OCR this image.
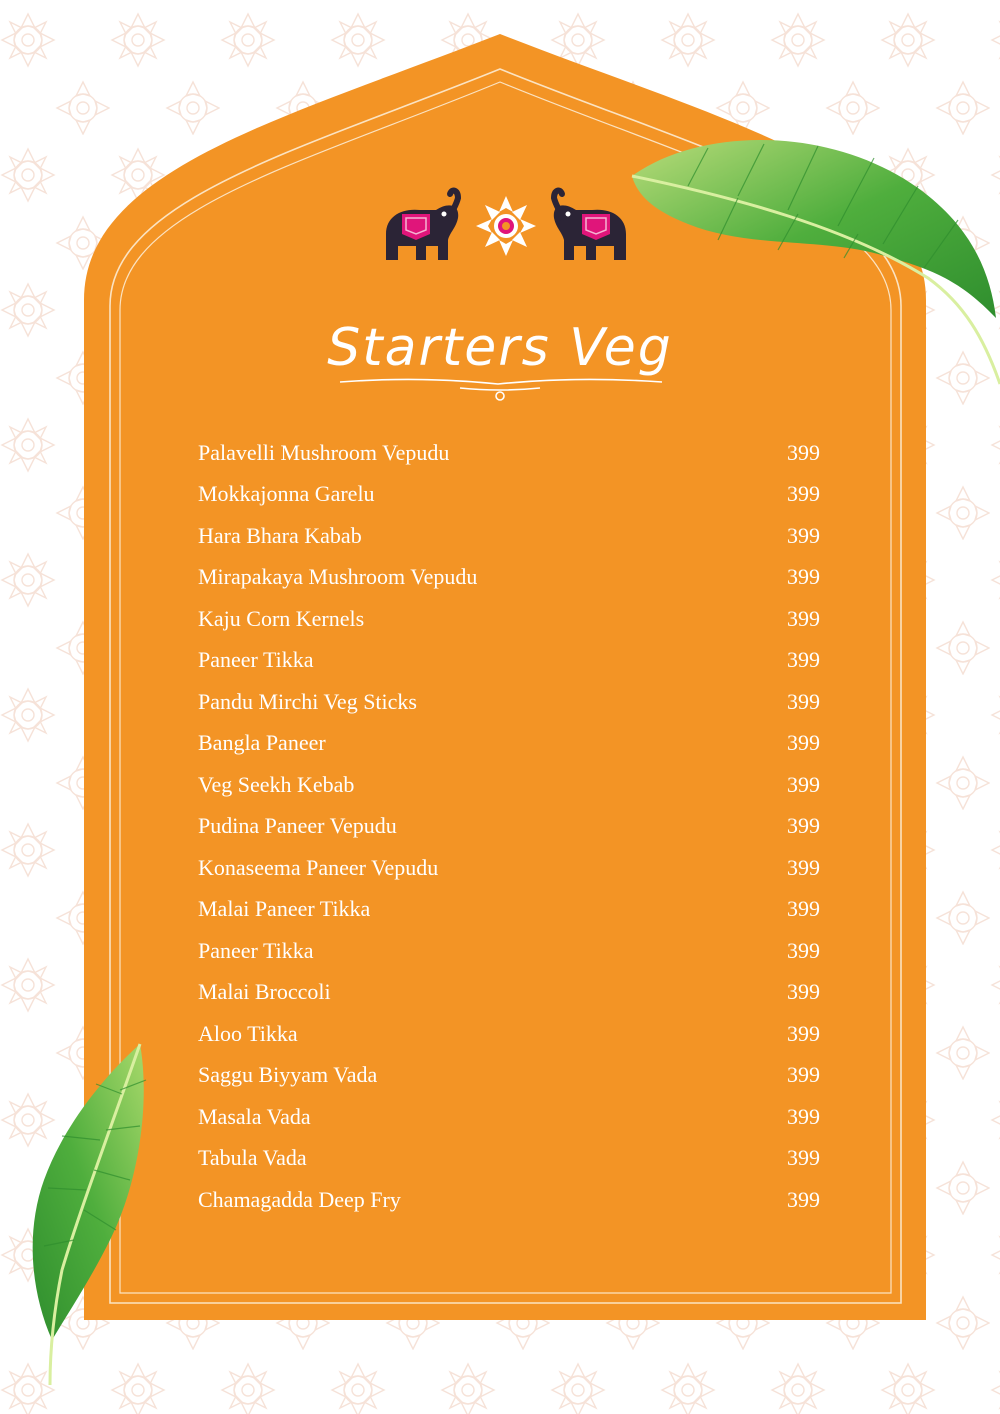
Starters Veg
Palavelli Mushroom Vepudu	399
Mokkajonna Garelu	399
Hara Bhara Kabab	399
Mirapakaya Mushroom Vepudu	399
Kaju Corn Kernels	399
Paneer Tikka	399
Pandu Mirchi Veg Sticks	399
Bangla Paneer	399
Veg Seekh Kebab	399
Pudina Paneer Vepudu	399
Konaseema Paneer Vepudu	399
Malai Paneer Tikka	399
Paneer Tikka	399
Malai Broccoli	399
Aloo Tikka	399
Saggu Biyyam Vada	399
Masala Vada	399
Tabula Vada	399
Chamagadda Deep Fry	399
